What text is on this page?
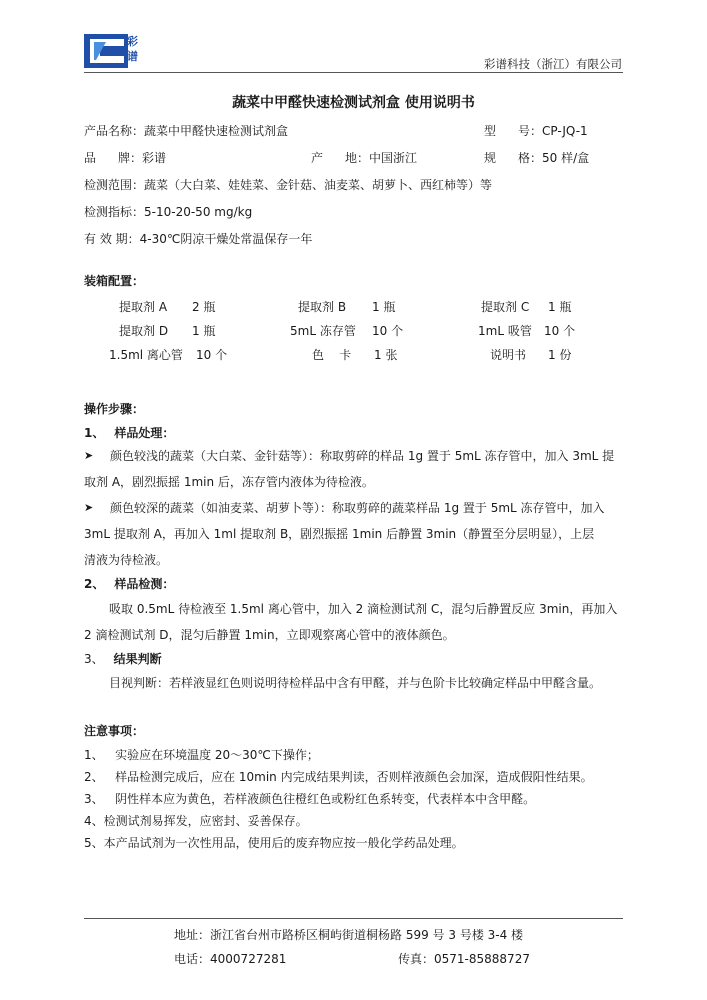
彩
谱
彩谱科技（浙江）有限公司
蔬菜中甲醛快速检测试剂盒 使用说明书
产品名称：蔬菜中甲醛快速检测试剂盒	型 号：CP-JQ-1
品 牌：彩谱	产 地：中国浙江	规 格：50 样/盒
检测范围：蔬菜（大白菜、娃娃菜、金针菇、油麦菜、胡萝卜、西红柿等）等
检测指标：5-10-20-50 mg/kg
有 效 期：4-30℃阴凉干燥处常温保存一年
装箱配置：
提取剂 A 2 瓶	提取剂 B 1 瓶	提取剂 C 1 瓶
提取剂 D 1 瓶	5mL 冻存管 10 个	1mL 吸管 10 个
1.5ml 离心管 10 个	色    卡 1 张	说明书 1 份
操作步骤：
1、 样品处理：
➤ 颜色较浅的蔬菜（大白菜、金针菇等）：称取剪碎的样品 1g 置于 5mL 冻存管中，加入 3mL 提
取剂 A，剧烈振摇 1min 后，冻存管内液体为待检液。
➤ 颜色较深的蔬菜（如油麦菜、胡萝卜等）：称取剪碎的蔬菜样品 1g 置于 5mL 冻存管中，加入
3mL 提取剂 A，再加入 1ml 提取剂 B，剧烈振摇 1min 后静置 3min（静置至分层明显），上层
清液为待检液。
2、 样品检测：
吸取 0.5mL 待检液至 1.5ml 离心管中，加入 2 滴检测试剂 C，混匀后静置反应 3min，再加入
2 滴检测试剂 D，混匀后静置 1min，立即观察离心管中的液体颜色。
3、 结果判断
目视判断：若样液显红色则说明待检样品中含有甲醛，并与色阶卡比较确定样品中甲醛含量。
注意事项：
1、   实验应在环境温度 20～30℃下操作；
2、   样品检测完成后，应在 10min 内完成结果判读，否则样液颜色会加深，造成假阳性结果。
3、   阴性样本应为黄色，若样液颜色往橙红色或粉红色系转变，代表样本中含甲醛。
4、检测试剂易挥发，应密封、妥善保存。
5、本产品试剂为一次性用品，使用后的废弃物应按一般化学药品处理。
地址：浙江省台州市路桥区桐屿街道桐杨路 599 号 3 号楼 3-4 楼
电话：4000727281	传真：0571-85888727
